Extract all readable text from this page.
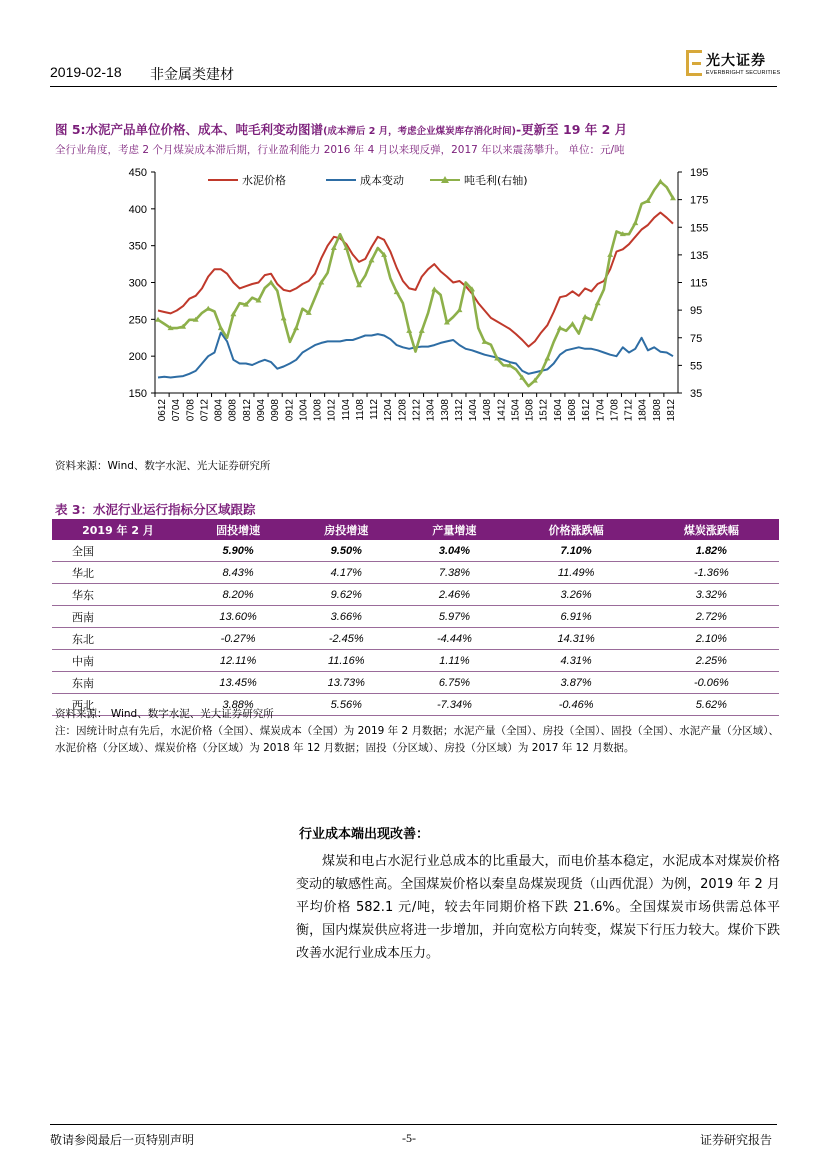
2019-02-18 非金属类建材
光大证券
EVERBRIGHT SECURITIES
图 5:水泥产品单位价格、成本、吨毛利变动图谱(成本滞后 2 月，考虑企业煤炭库存消化时间)-更新至 19 年 2 月
全行业角度，考虑 2 个月煤炭成本滞后期，行业盈利能力 2016 年 4 月以来现反弹，2017 年以来震荡攀升。 单位：元/吨
450
400
350
300
250
200
150
195
175
155
135
115
95
75
55
35
0612 0704 0708 0712 0804 0808 0812 0904 0908 0912 1004 1008 1012 1104 1108 1112 1204 1208 1212 1304 1308 1312 1404 1408 1412 1504 1508 1512 1604 1608 1612 1704 1708 1712 1804 1808 1812
水泥价格	成本变动	吨毛利(右轴)
资料来源：Wind、数字水泥、光大证券研究所
表 3：水泥行业运行指标分区域跟踪
2019 年 2 月	固投增速	房投增速	产量增速	价格涨跌幅	煤炭涨跌幅
全国	5.90%	9.50%	3.04%	7.10%	1.82%
华北	8.43%	4.17%	7.38%	11.49%	-1.36%
华东	8.20%	9.62%	2.46%	3.26%	3.32%
西南	13.60%	3.66%	5.97%	6.91%	2.72%
东北	-0.27%	-2.45%	-4.44%	14.31%	2.10%
中南	12.11%	11.16%	1.11%	4.31%	2.25%
东南	13.45%	13.73%	6.75%	3.87%	-0.06%
西北	3.88%	5.56%	-7.34%	-0.46%	5.62%
资料来源： Wind、数字水泥、光大证券研究所
注：因统计时点有先后，水泥价格（全国）、煤炭成本（全国）为 2019 年 2 月数据；水泥产量（全国）、房投（全国）、固投（全国）、水泥产量（分区域）、水泥价格（分区域）、煤炭价格（分区域）为 2018 年 12 月数据；固投（分区域）、房投（分区域）为 2017 年 12 月数据。
行业成本端出现改善：
煤炭和电占水泥行业总成本的比重最大，而电价基本稳定，水泥成本对煤炭价格变动的敏感性高。全国煤炭价格以秦皇岛煤炭现货（山西优混）为例，2019 年 2 月平均价格 582.1 元/吨，较去年同期价格下跌 21.6%。全国煤炭市场供需总体平衡，国内煤炭供应将进一步增加，并向宽松方向转变，煤炭下行压力较大。煤价下跌改善水泥行业成本压力。
敬请参阅最后一页特别声明	-5-	证券研究报告
